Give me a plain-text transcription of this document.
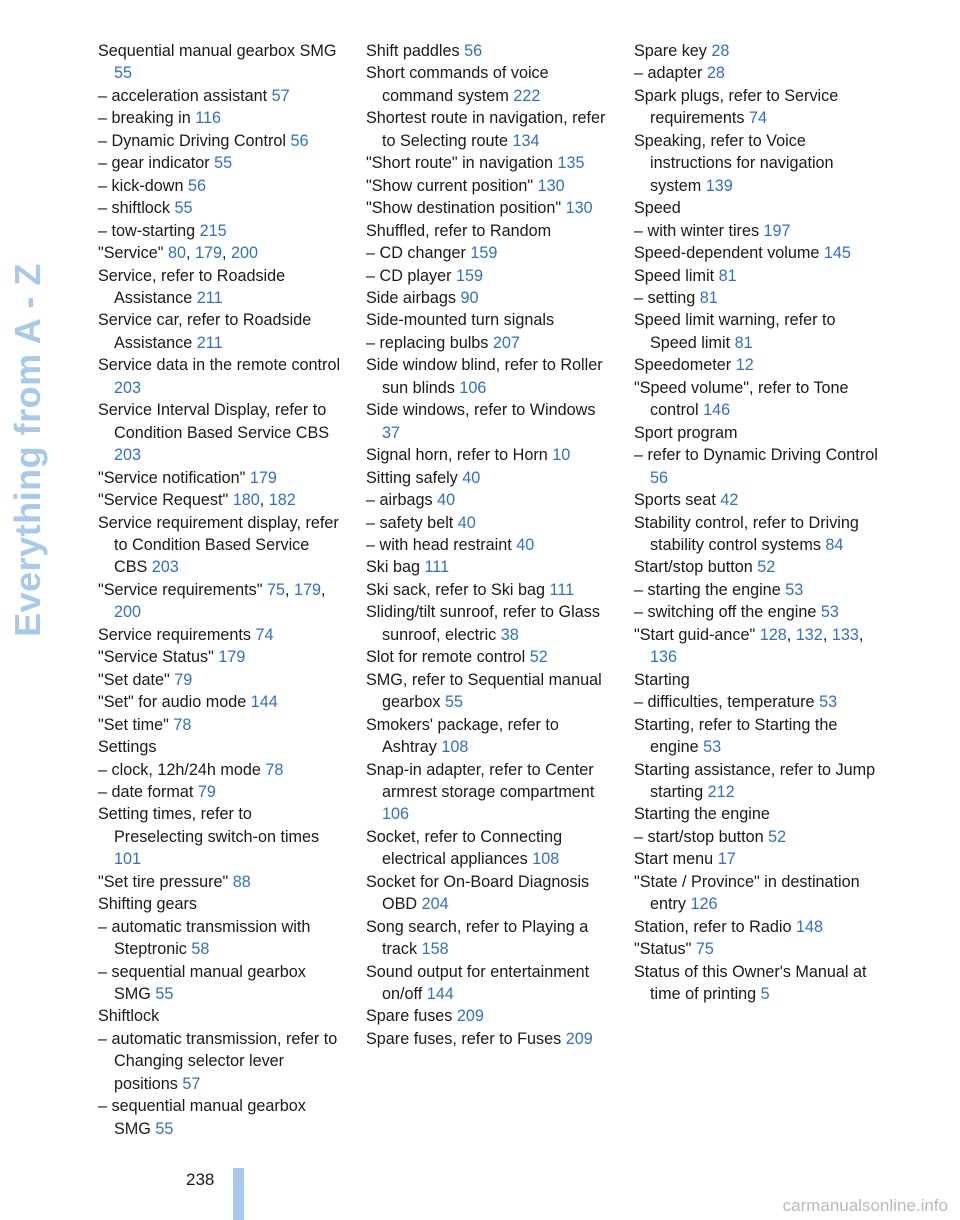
Everything from A - Z
Sequential manual gearbox SMG 55
– acceleration assistant 57
– breaking in 116
– Dynamic Driving Control 56
– gear indicator 55
– kick-down 56
– shiftlock 55
– tow-starting 215
"Service" 80, 179, 200
Service, refer to Roadside Assistance 211
Service car, refer to Roadside Assistance 211
Service data in the remote control 203
Service Interval Display, refer to Condition Based Service CBS 203
"Service notification" 179
"Service Request" 180, 182
Service requirement display, refer to Condition Based Service CBS 203
"Service requirements" 75, 179, 200
Service requirements 74
"Service Status" 179
"Set date" 79
"Set" for audio mode 144
"Set time" 78
Settings
– clock, 12h/24h mode 78
– date format 79
Setting times, refer to Preselecting switch-on times 101
"Set tire pressure" 88
Shifting gears
– automatic transmission with Steptronic 58
– sequential manual gearbox SMG 55
Shiftlock
– automatic transmission, refer to Changing selector lever positions 57
– sequential manual gearbox SMG 55
Shift paddles 56
Short commands of voice command system 222
Shortest route in navigation, refer to Selecting route 134
"Short route" in navigation 135
"Show current position" 130
"Show destination position" 130
Shuffled, refer to Random
– CD changer 159
– CD player 159
Side airbags 90
Side-mounted turn signals
– replacing bulbs 207
Side window blind, refer to Roller sun blinds 106
Side windows, refer to Windows 37
Signal horn, refer to Horn 10
Sitting safely 40
– airbags 40
– safety belt 40
– with head restraint 40
Ski bag 111
Ski sack, refer to Ski bag 111
Sliding/tilt sunroof, refer to Glass sunroof, electric 38
Slot for remote control 52
SMG, refer to Sequential manual gearbox 55
Smokers' package, refer to Ashtray 108
Snap-in adapter, refer to Center armrest storage compartment 106
Socket, refer to Connecting electrical appliances 108
Socket for On-Board Diagnosis OBD 204
Song search, refer to Playing a track 158
Sound output for entertainment on/off 144
Spare fuses 209
Spare fuses, refer to Fuses 209
Spare key 28
– adapter 28
Spark plugs, refer to Service requirements 74
Speaking, refer to Voice instructions for navigation system 139
Speed
– with winter tires 197
Speed-dependent volume 145
Speed limit 81
– setting 81
Speed limit warning, refer to Speed limit 81
Speedometer 12
"Speed volume", refer to Tone control 146
Sport program
– refer to Dynamic Driving Control 56
Sports seat 42
Stability control, refer to Driving stability control systems 84
Start/stop button 52
– starting the engine 53
– switching off the engine 53
"Start guid-ance" 128, 132, 133, 136
Starting
– difficulties, temperature 53
Starting, refer to Starting the engine 53
Starting assistance, refer to Jump starting 212
Starting the engine
– start/stop button 52
Start menu 17
"State / Province" in destination entry 126
Station, refer to Radio 148
"Status" 75
Status of this Owner's Manual at time of printing 5
238
carmanualsonline.info
